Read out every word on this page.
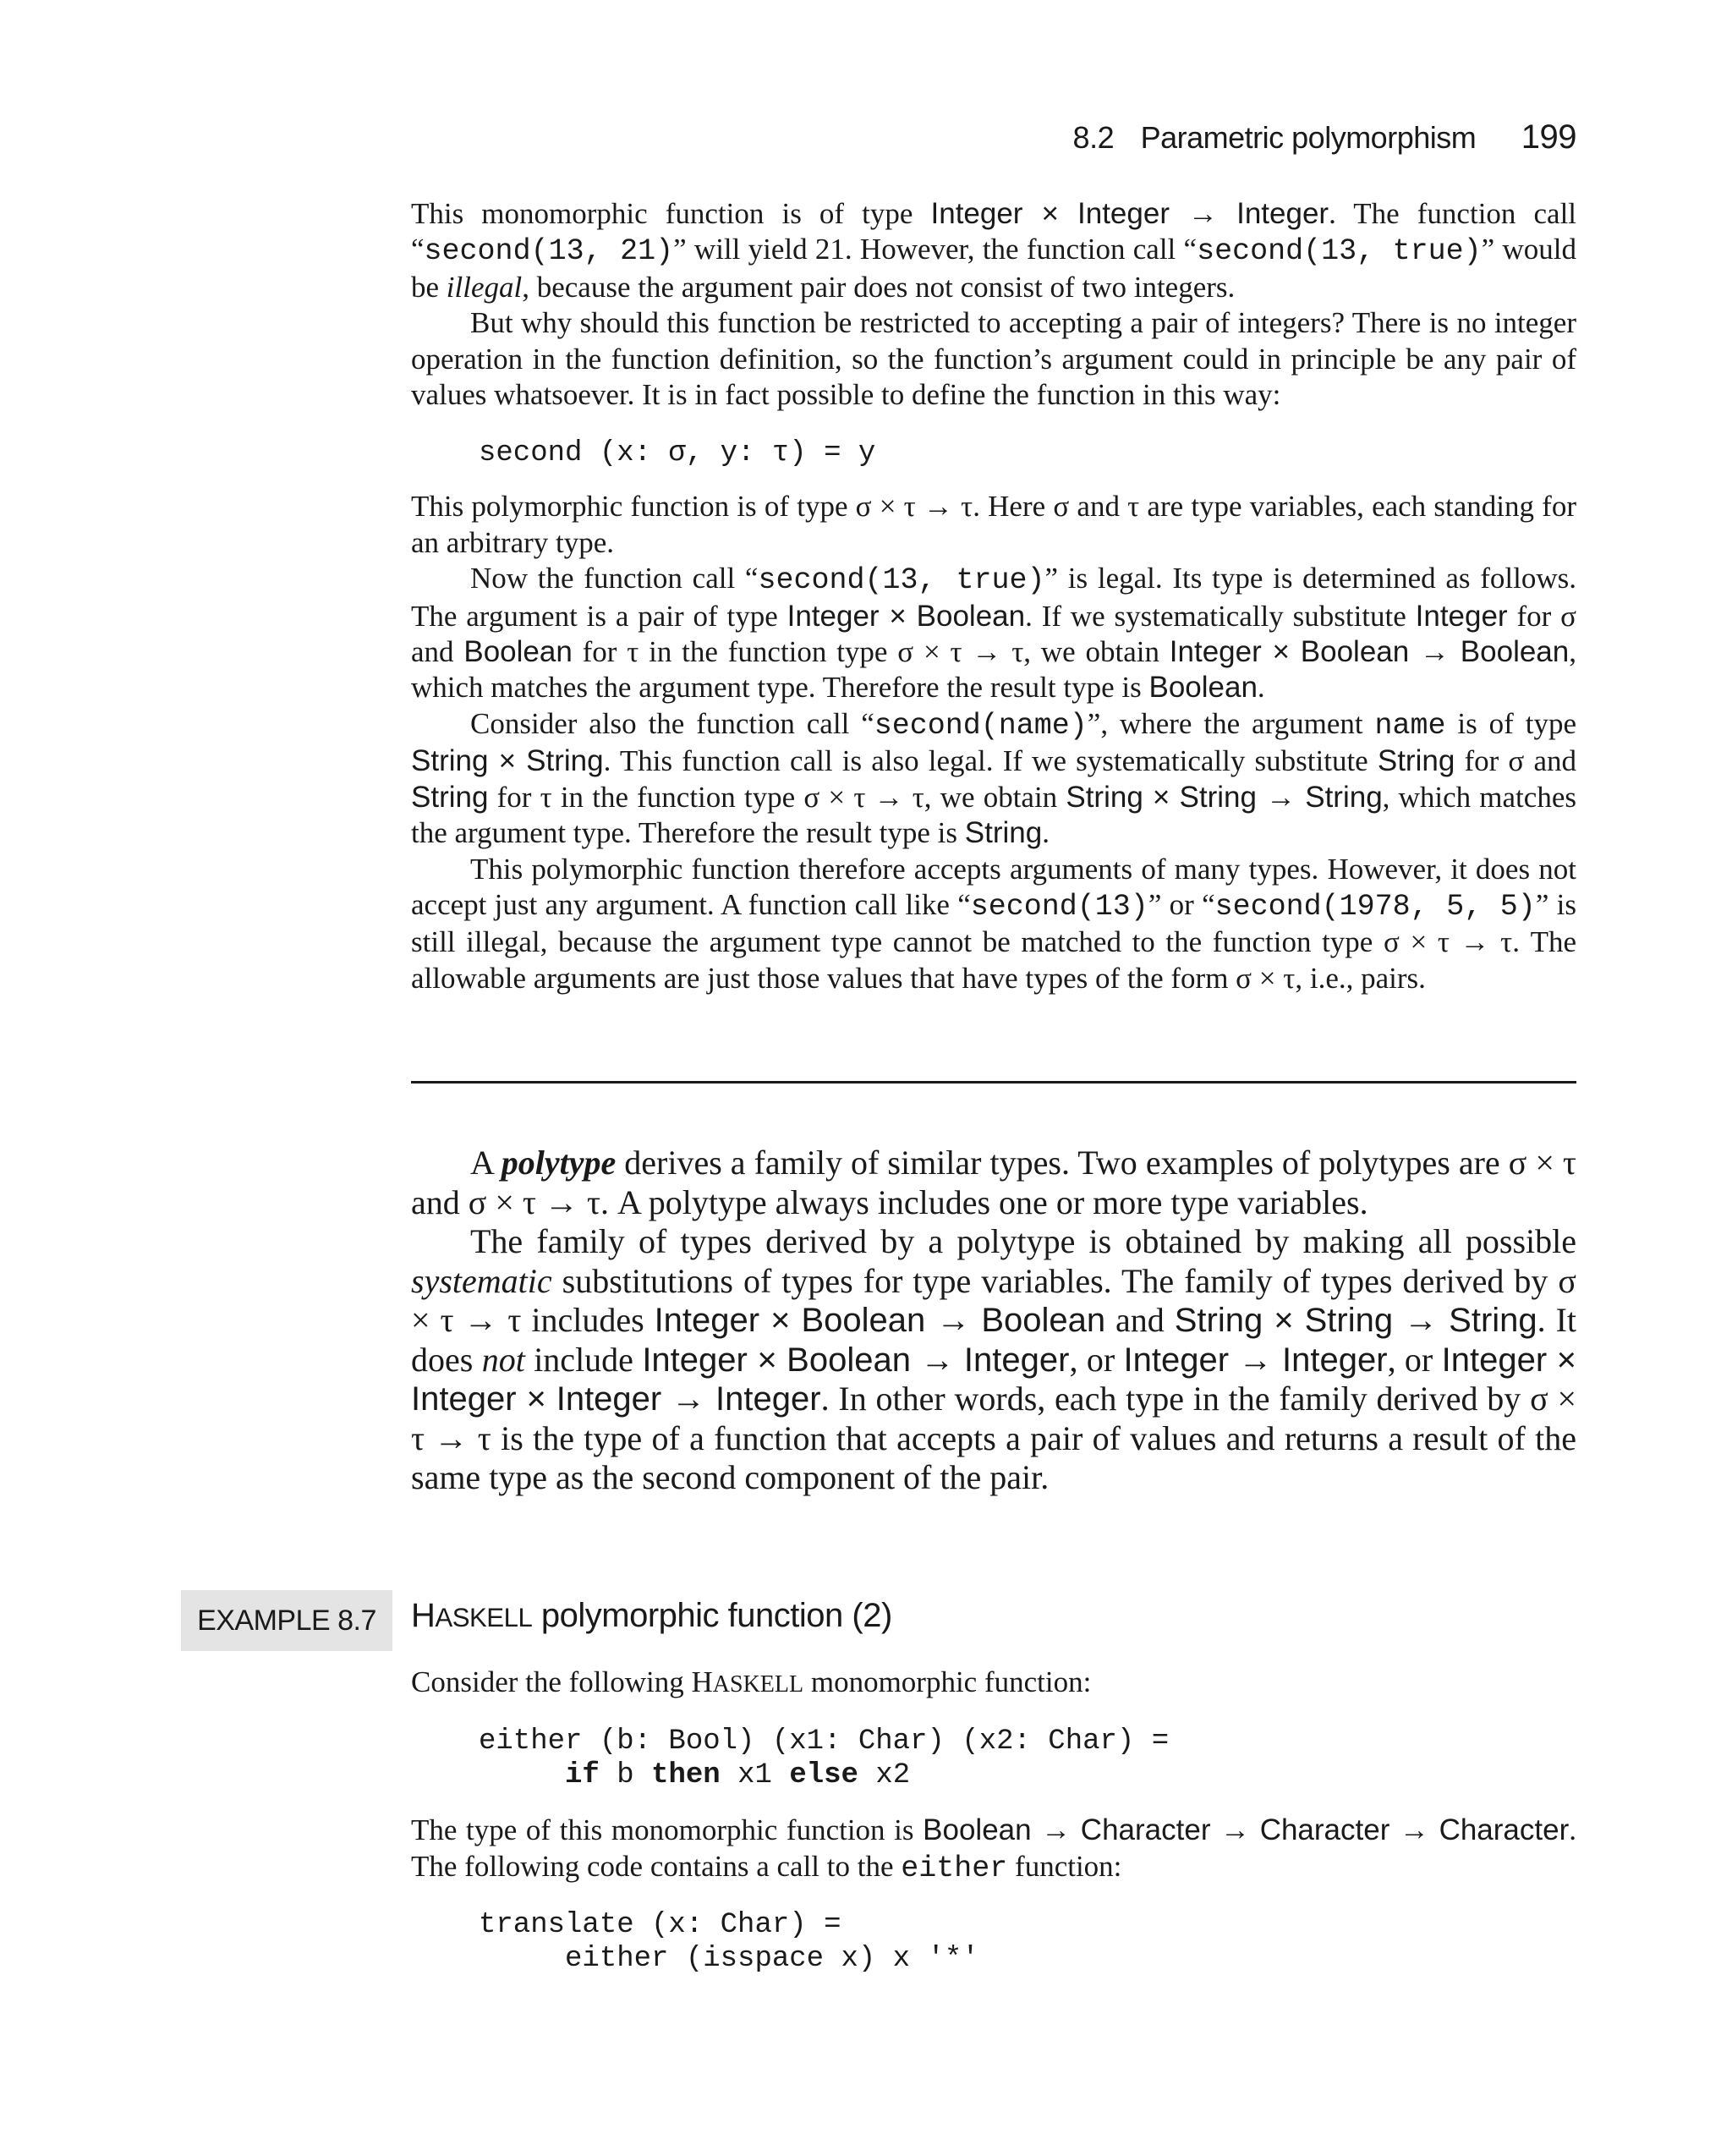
8.2 Parametric polymorphism 199

This monomorphic function is of type Integer × Integer → Integer. The function call “second(13, 21)” will yield 21. However, the function call “second(13, true)” would be illegal, because the argument pair does not consist of two integers.

But why should this function be restricted to accepting a pair of integers? There is no integer operation in the function definition, so the function’s argument could in principle be any pair of values whatsoever. It is in fact possible to define the function in this way:

second (x: σ, y: τ) = y

This polymorphic function is of type σ × τ → τ. Here σ and τ are type variables, each standing for an arbitrary type.

Now the function call “second(13, true)” is legal. Its type is determined as follows. The argument is a pair of type Integer × Boolean. If we systematically substitute Integer for σ and Boolean for τ in the function type σ × τ → τ, we obtain Integer × Boolean → Boolean, which matches the argument type. Therefore the result type is Boolean.

Consider also the function call “second(name)”, where the argument name is of type String × String. This function call is also legal. If we systematically substitute String for σ and String for τ in the function type σ × τ → τ, we obtain String × String → String, which matches the argument type. Therefore the result type is String.

This polymorphic function therefore accepts arguments of many types. However, it does not accept just any argument. A function call like “second(13)” or “second(1978, 5, 5)” is still illegal, because the argument type cannot be matched to the function type σ × τ → τ. The allowable arguments are just those values that have types of the form σ × τ, i.e., pairs.

A polytype derives a family of similar types. Two examples of polytypes are σ × τ and σ × τ → τ. A polytype always includes one or more type variables.

The family of types derived by a polytype is obtained by making all possible systematic substitutions of types for type variables. The family of types derived by σ × τ → τ includes Integer × Boolean → Boolean and String × String → String. It does not include Integer × Boolean → Integer, or Integer → Integer, or Integer × Integer × Integer → Integer. In other words, each type in the family derived by σ × τ → τ is the type of a function that accepts a pair of values and returns a result of the same type as the second component of the pair.

EXAMPLE 8.7	HASKELL polymorphic function (2)

Consider the following HASKELL monomorphic function:

either (b: Bool) (x1: Char) (x2: Char) =
if b then x1 else x2

The type of this monomorphic function is Boolean → Character → Character → Character. The following code contains a call to the either function:

translate (x: Char) =
either (isspace x) x '*'
